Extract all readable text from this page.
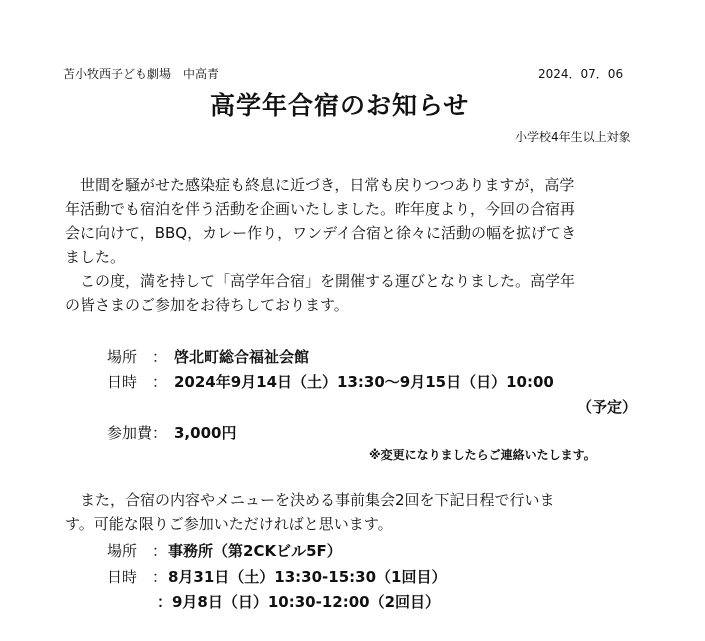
苫小牧西子ども劇場　中高青	2024．07．06
高学年合宿のお知らせ
小学校4年生以上対象
　世間を騒がせた感染症も終息に近づき，日常も戻りつつありますが，高学
年活動でも宿泊を伴う活動を企画いたしました。昨年度より，今回の合宿再
会に向けて，BBQ，カレー作り，ワンデイ合宿と徐々に活動の幅を拡げてき
ました。
　この度，満を持して「高学年合宿」を開催する運びとなりました。高学年
の皆さまのご参加をお待ちしております。
場所　： 啓北町総合福祉会館
日時　： 2024年9月14日（土）13:30〜9月15日（日）10:00
（予定）
参加費： 3,000円
※変更になりましたらご連絡いたします。
　また，合宿の内容やメニューを決める事前集会2回を下記日程で行いま
す。可能な限りご参加いただければと思います。
場所　： 事務所（第2CKビル5F）
日時　： 8月31日（土）13:30-15:30（1回目）
：9月8日（日）10:30-12:00（2回目）
